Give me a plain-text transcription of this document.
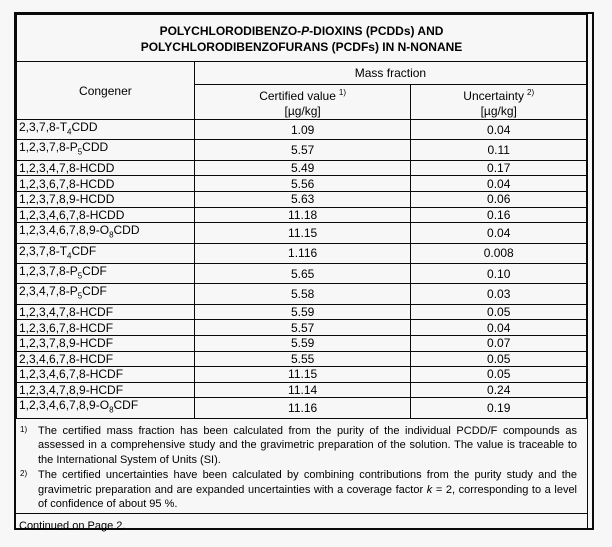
POLYCHLORODIBENZO-P-DIOXINS (PCDDs) AND
POLYCHLORODIBENZOFURANS (PCDFs) IN N-NONANE		

Congener	Mass fraction	

Certified value $^{1)}$
[µg/kg]

Uncertainty $^{2)}$
[µg/kg]

$2,3,7,8-T_4CDD$	1.09	0.04
$1,2,3,7,8-P_5CDD$	5.57	0.11
1,2,3,4,7,8-HCDD	5.49	0.17
1,2,3,6,7,8-HCDD	5.56	0.04
1,2,3,7,8,9-HCDD	5.63	0.06
1,2,3,4,6,7,8-HCDD	11.18	0.16
$1,2,3,4,6,7,8,9-O_8CDD$	11.15	0.04
$2,3,7,8-T_4CDF$	1.116	0.008
$1,2,3,7,8-P_5CDF$	5.65	0.10
$2,3,4,7,8-P_5CDF$	5.58	0.03
1,2,3,4,7,8-HCDF	5.59	0.05
1,2,3,6,7,8-HCDF	5.57	0.04
1,2,3,7,8,9-HCDF	5.59	0.07
2,3,4,6,7,8-HCDF	5.55	0.05
1,2,3,4,6,7,8-HCDF	11.15	0.05
1,2,3,4,7,8,9-HCDF	11.14	0.24
$1,2,3,4,6,7,8,9-O_8CDF$	11.16	0.19
1) The certified mass fraction has been calculated from the purity of the individual PCDD/F compounds as assessed in a comprehensive study and the gravimetric preparation of the solution. The value is traceable to the International System of Units (SI).
2) The certified uncertainties have been calculated by combining contributions from the purity study and the gravimetric preparation and are expanded uncertainties with a coverage factor k = 2, corresponding to a level of confidence of about 95 %.
Continued on Page 2.
